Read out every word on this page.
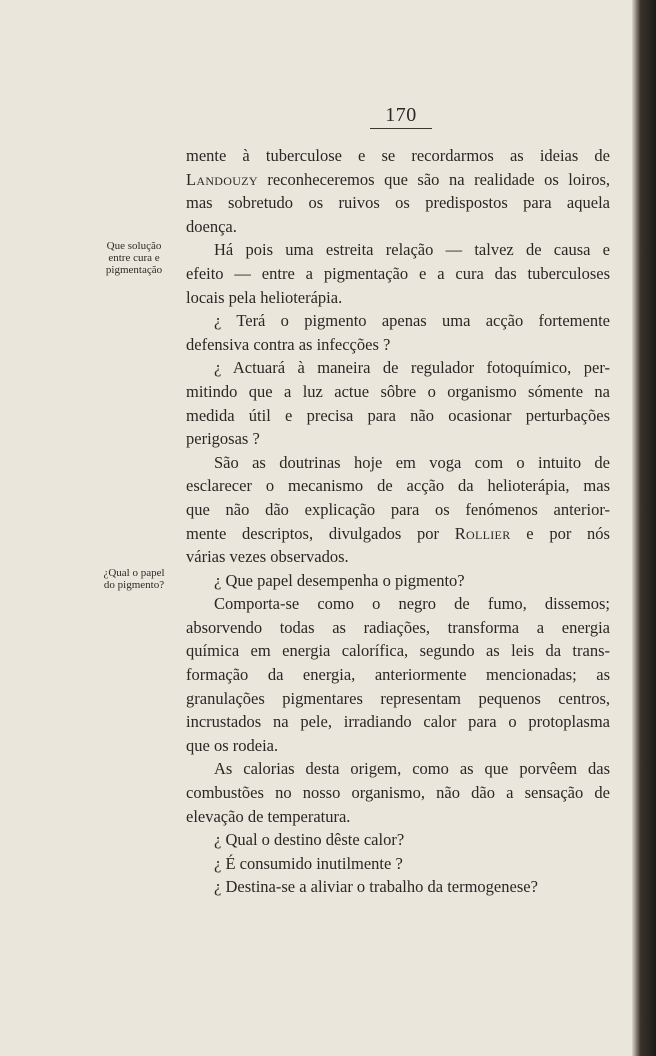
170
Que solução
entre cura e
pigmentação
¿Qual o papel
do pigmento?
mente à tuberculose e se recordarmos as ideias de
Landouzy reconheceremos que são na realidade os loiros,
mas sobretudo os ruivos os predispostos para aquela
doença.
Há pois uma estreita relação — talvez de causa e
efeito — entre a pigmentação e a cura das tuberculoses
locais pela helioterápia.
¿ Terá o pigmento apenas uma acção fortemente
defensiva contra as infecções ?
¿ Actuará à maneira de regulador fotoquímico, per-
mitindo que a luz actue sôbre o organismo sómente na
medida útil e precisa para não ocasionar perturbações
perigosas ?
São as doutrinas hoje em voga com o intuito de
esclarecer o mecanismo de acção da helioterápia, mas
que não dão explicação para os fenómenos anterior-
mente descriptos, divulgados por Rollier e por nós
várias vezes observados.
¿ Que papel desempenha o pigmento?
Comporta-se como o negro de fumo, dissemos;
absorvendo todas as radiações, transforma a energia
química em energia calorífica, segundo as leis da trans-
formação da energia, anteriormente mencionadas; as
granulações pigmentares representam pequenos centros,
incrustados na pele, irradiando calor para o protoplasma
que os rodeia.
As calorias desta origem, como as que porvêem das
combustões no nosso organismo, não dão a sensação de
elevação de temperatura.
¿ Qual o destino dêste calor?
¿ É consumido inutilmente ?
¿ Destina-se a aliviar o trabalho da termogenese?
